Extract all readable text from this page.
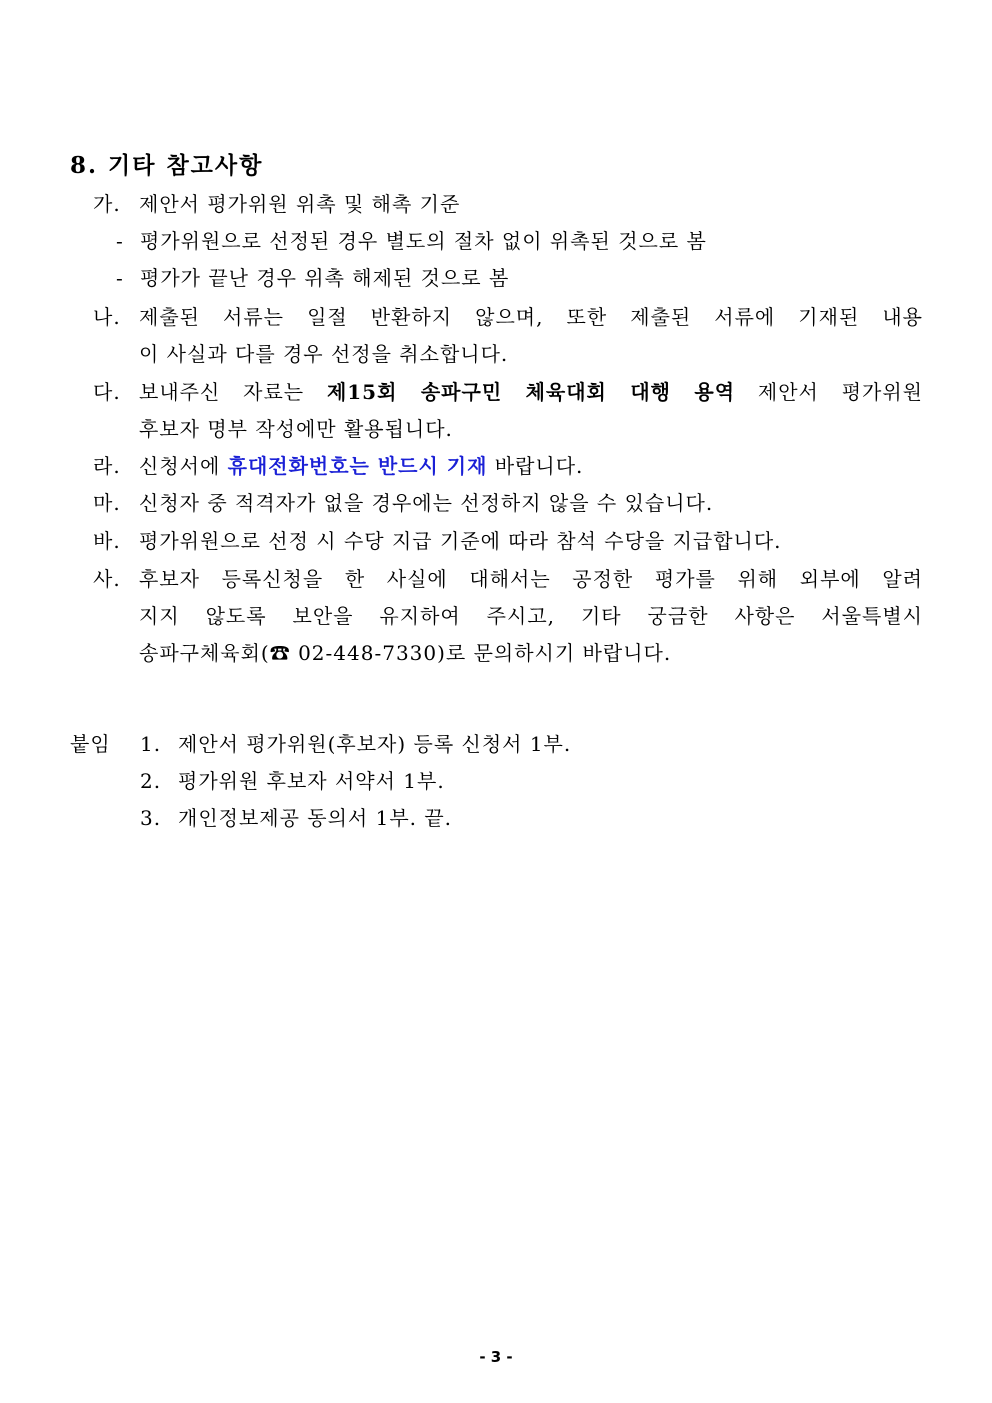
8. 기타 참고사항
가. 제안서 평가위원 위촉 및 해촉 기준
- 평가위원으로 선정된 경우 별도의 절차 없이 위촉된 것으로 봄
- 평가가 끝난 경우 위촉 해제된 것으로 봄
나. 제출된 서류는 일절 반환하지 않으며, 또한 제출된 서류에 기재된 내용
이 사실과 다를 경우 선정을 취소합니다.
다. 보내주신 자료는 제15회 송파구민 체육대회 대행 용역 제안서 평가위원
후보자 명부 작성에만 활용됩니다.
라. 신청서에 휴대전화번호는 반드시 기재 바랍니다.
마. 신청자 중 적격자가 없을 경우에는 선정하지 않을 수 있습니다.
바. 평가위원으로 선정 시 수당 지급 기준에 따라 참석 수당을 지급합니다.
사. 후보자 등록신청을 한 사실에 대해서는 공정한 평가를 위해 외부에 알려
지지 않도록 보안을 유지하여 주시고, 기타 궁금한 사항은 서울특별시
송파구체육회(☎ 02-448-7330)로 문의하시기 바랍니다.
붙임 1. 제안서 평가위원(후보자) 등록 신청서 1부.
2. 평가위원 후보자 서약서 1부.
3. 개인정보제공 동의서 1부. 끝.
- 3 -
